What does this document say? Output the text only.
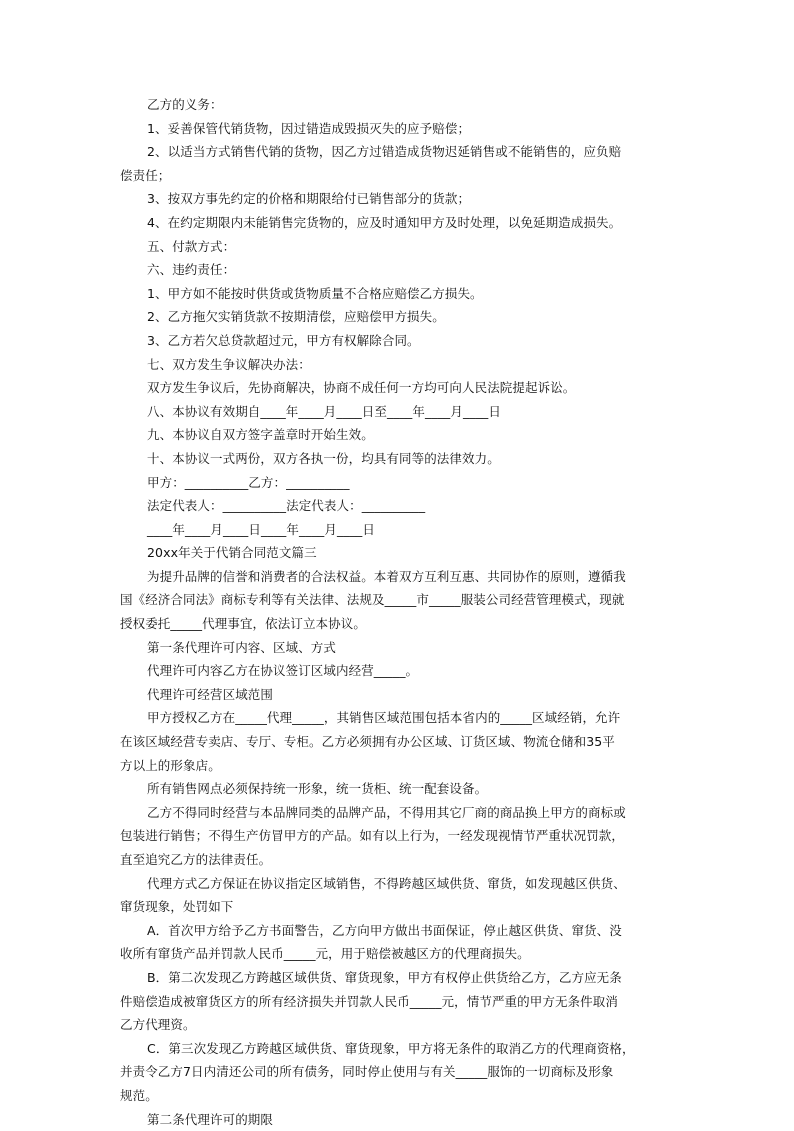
乙方的义务：
1、妥善保管代销货物，因过错造成毁损灭失的应予赔偿；
2、以适当方式销售代销的货物，因乙方过错造成货物迟延销售或不能销售的，应负赔
偿责任；
3、按双方事先约定的价格和期限给付已销售部分的货款；
4、在约定期限内未能销售完货物的，应及时通知甲方及时处理，以免延期造成损失。
五、付款方式：
六、违约责任：
1、甲方如不能按时供货或货物质量不合格应赔偿乙方损失。
2、乙方拖欠实销货款不按期清偿，应赔偿甲方损失。
3、乙方若欠总贷款超过元，甲方有权解除合同。
七、双方发生争议解决办法：
双方发生争议后，先协商解决，协商不成任何一方均可向人民法院提起诉讼。
八、本协议有效期自____年____月____日至____年____月____日
九、本协议自双方签字盖章时开始生效。
十、本协议一式两份，双方各执一份，均具有同等的法律效力。
甲方：__________乙方：__________
法定代表人：__________法定代表人：__________
____年____月____日____年____月____日
20xx年关于代销合同范文篇三
为提升品牌的信誉和消费者的合法权益。本着双方互利互惠、共同协作的原则，遵循我
国《经济合同法》商标专利等有关法律、法规及_____市_____服装公司经营管理模式，现就
授权委托_____代理事宜，依法订立本协议。
第一条代理许可内容、区域、方式
代理许可内容乙方在协议签订区域内经营_____。
代理许可经营区域范围
甲方授权乙方在_____代理_____，其销售区域范围包括本省内的_____区域经销，允许
在该区域经营专卖店、专厅、专柜。乙方必须拥有办公区域、订货区域、物流仓储和35平
方以上的形象店。
所有销售网点必须保持统一形象，统一货柜、统一配套设备。
乙方不得同时经营与本品牌同类的品牌产品，不得用其它厂商的商品换上甲方的商标或
包装进行销售；不得生产仿冒甲方的产品。如有以上行为，一经发现视情节严重状况罚款，
直至追究乙方的法律责任。
代理方式乙方保证在协议指定区域销售，不得跨越区域供货、窜货，如发现越区供货、
窜货现象，处罚如下
A．首次甲方给予乙方书面警告，乙方向甲方做出书面保证，停止越区供货、窜货、没
收所有窜货产品并罚款人民币_____元，用于赔偿被越区方的代理商损失。
B．第二次发现乙方跨越区域供货、窜货现象，甲方有权停止供货给乙方，乙方应无条
件赔偿造成被窜货区方的所有经济损失并罚款人民币_____元，情节严重的甲方无条件取消
乙方代理资。
C．第三次发现乙方跨越区域供货、窜货现象，甲方将无条件的取消乙方的代理商资格，
并责令乙方7日内清还公司的所有债务，同时停止使用与有关_____服饰的一切商标及形象
规范。
第二条代理许可的期限
